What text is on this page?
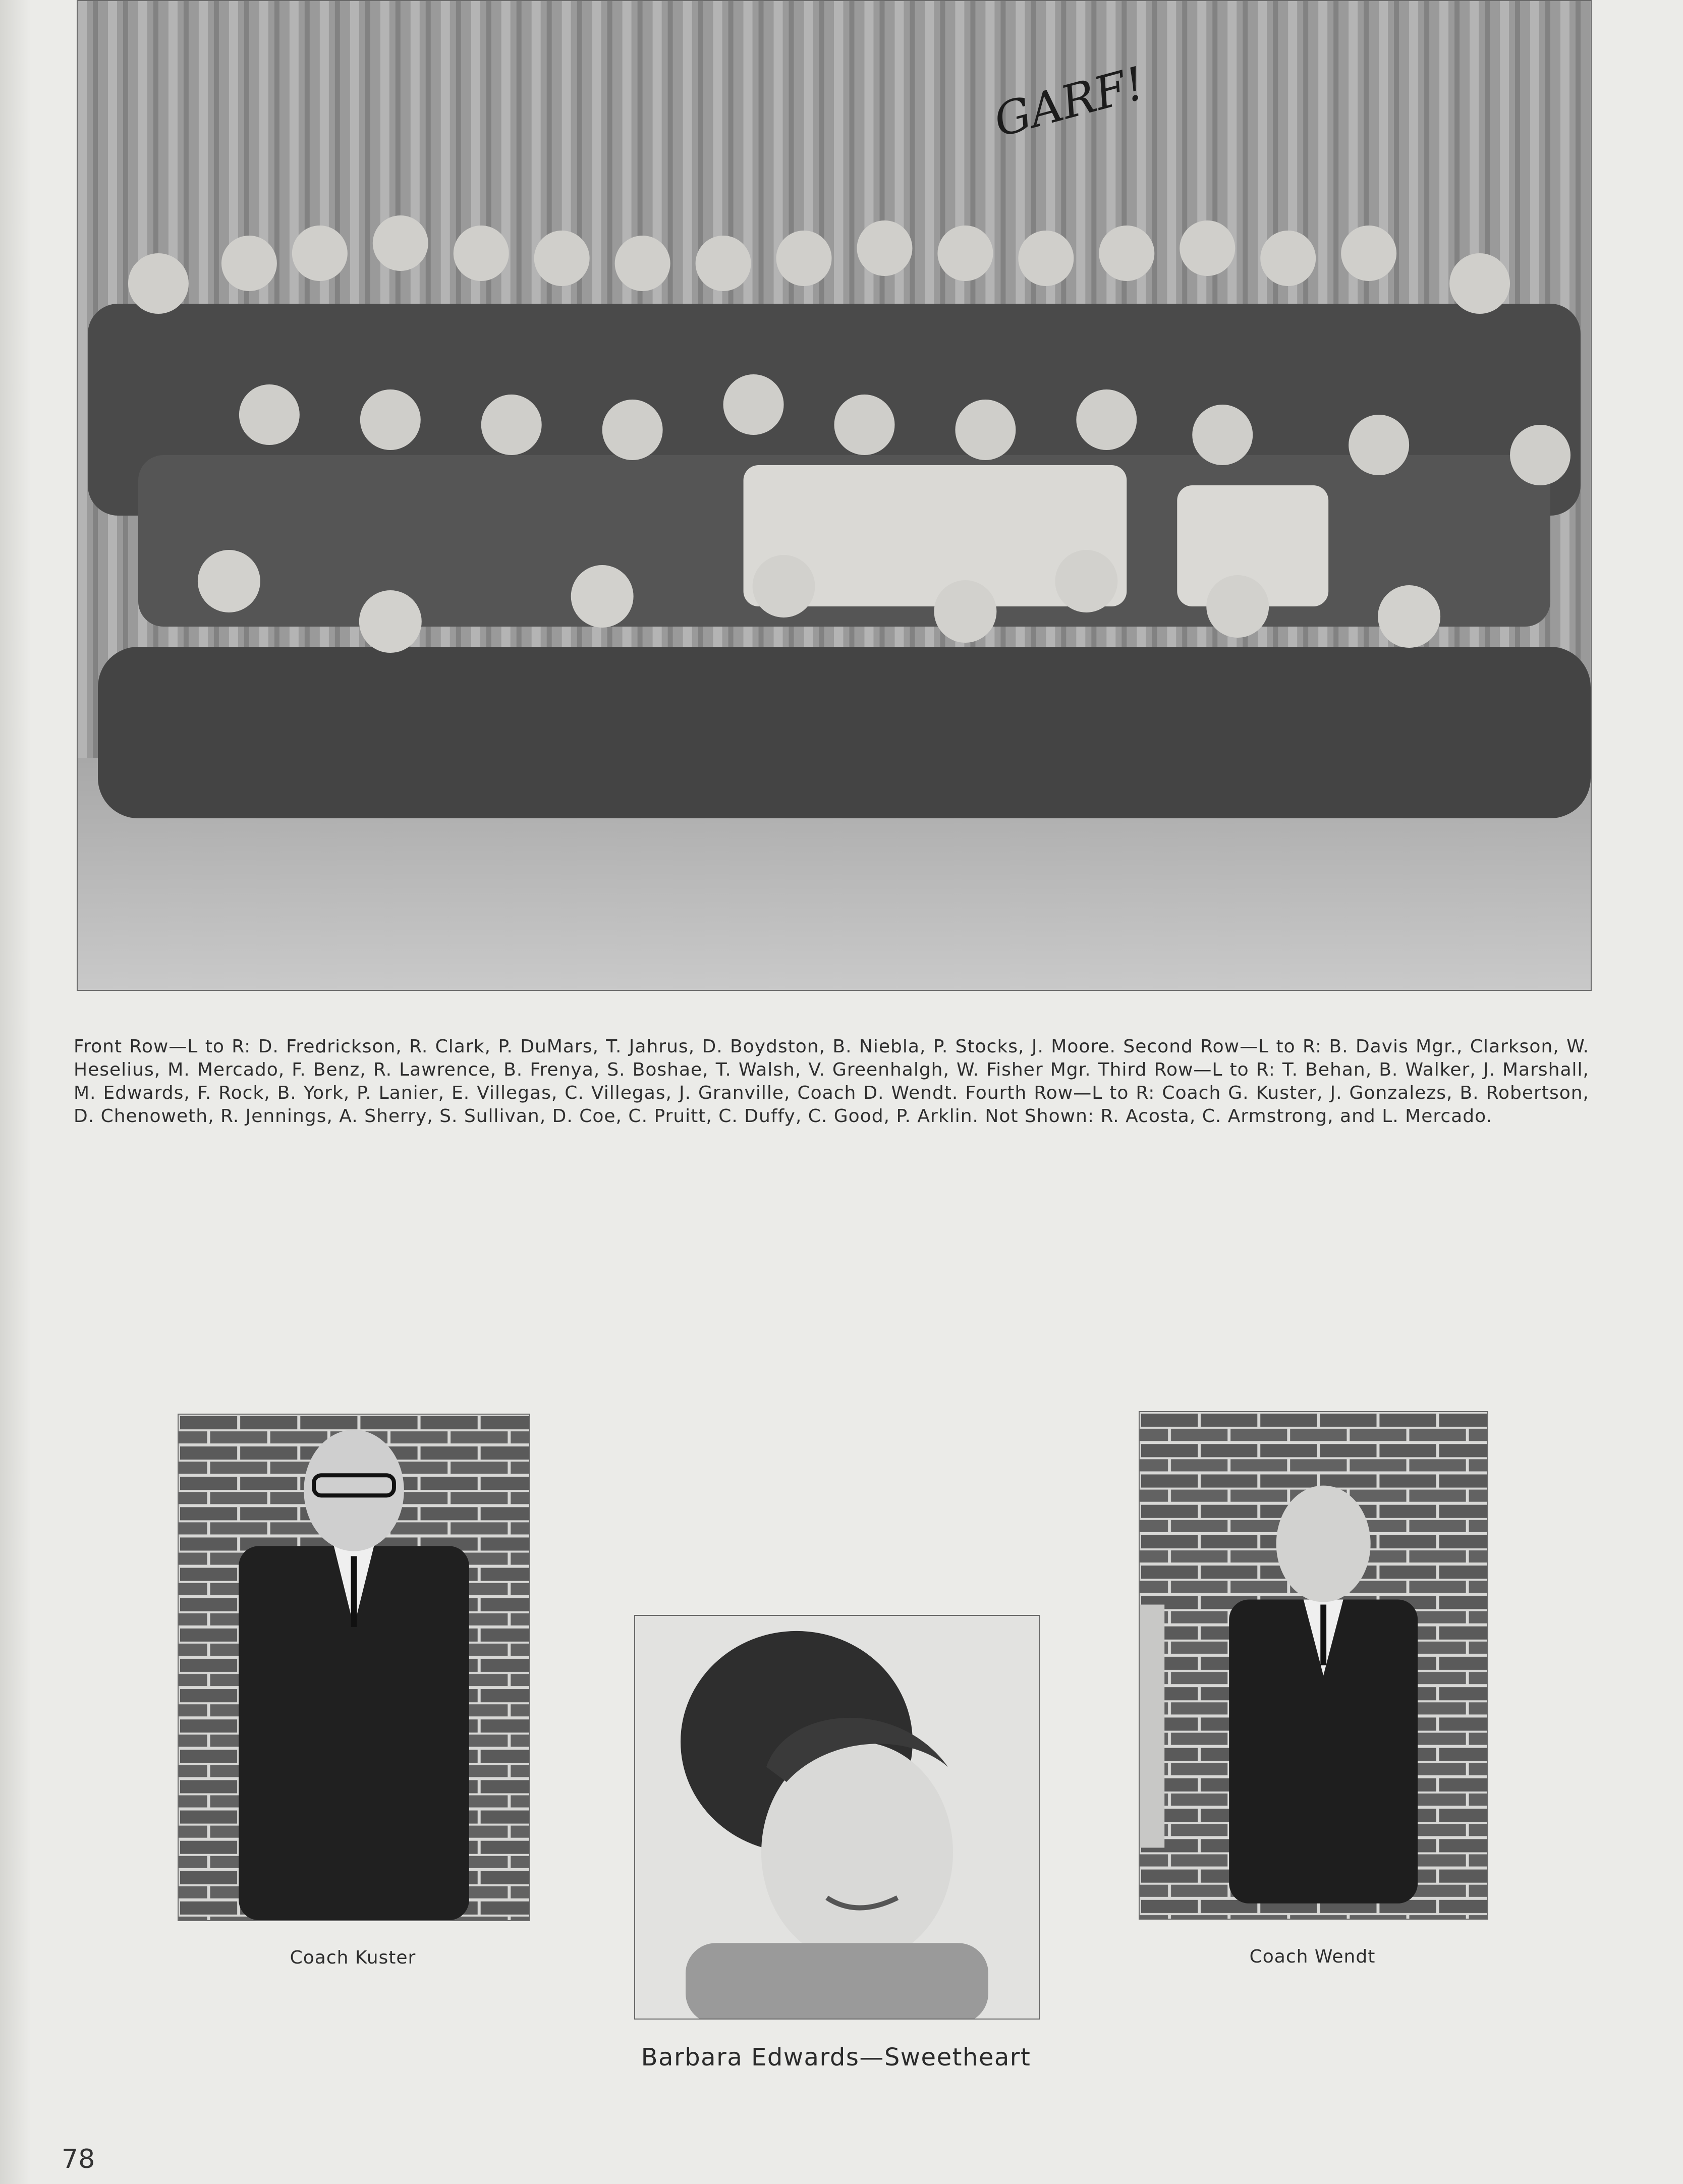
GARF!
Front Row—L to R: D. Fredrickson, R. Clark, P. DuMars, T. Jahrus, D. Boydston, B. Niebla, P. Stocks, J. Moore. Second Row—L to R: B. Davis Mgr., Clarkson, W. Heselius, M. Mercado, F. Benz, R. Lawrence, B. Frenya, S. Boshae, T. Walsh, V. Greenhalgh, W. Fisher Mgr. Third Row—L to R: T. Behan, B. Walker, J. Marshall, M. Edwards, F. Rock, B. York, P. Lanier, E. Villegas, C. Villegas, J. Granville, Coach D. Wendt. Fourth Row—L to R: Coach G. Kuster, J. Gonzalezs, B. Robertson, D. Chenoweth, R. Jennings, A. Sherry, S. Sullivan, D. Coe, C. Pruitt, C. Duffy, C. Good, P. Arklin. Not Shown: R. Acosta, C. Armstrong, and L. Mercado.
Coach Kuster
Barbara Edwards—Sweetheart
Coach Wendt
78
